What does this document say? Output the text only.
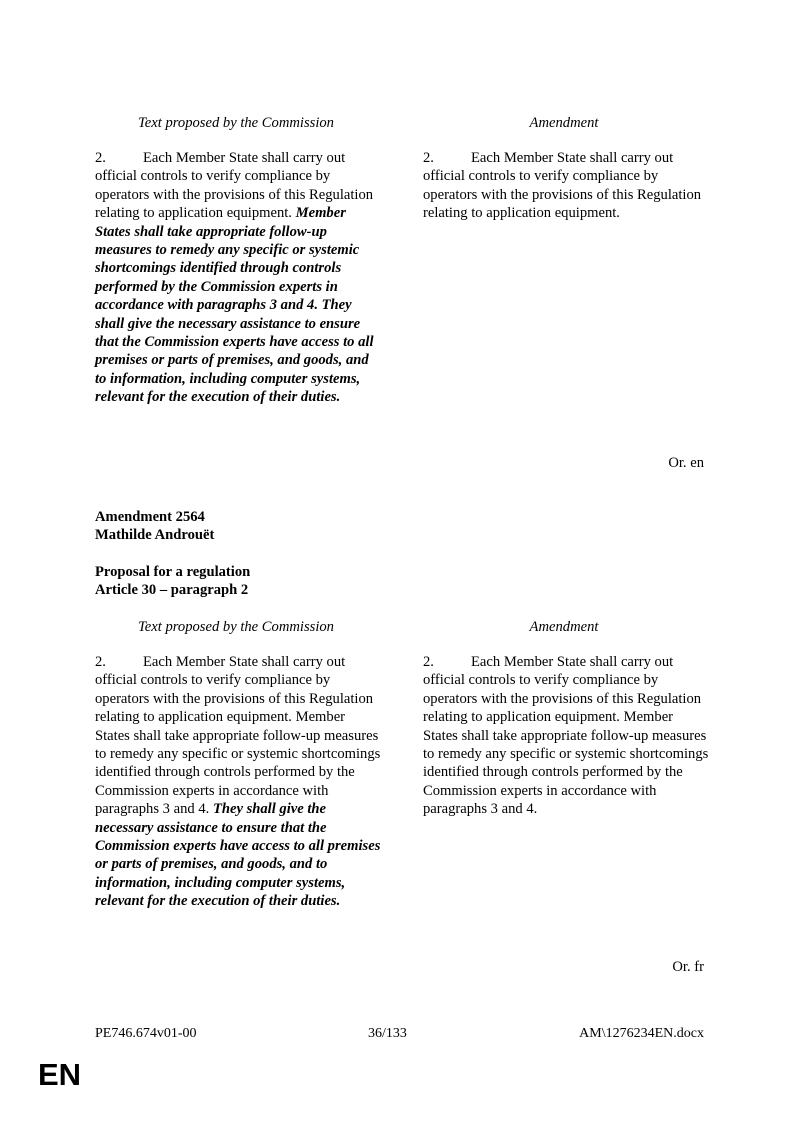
Text proposed by the Commission	Amendment
2.	Each Member State shall carry out official controls to verify compliance by operators with the provisions of this Regulation relating to application equipment. Member States shall take appropriate follow-up measures to remedy any specific or systemic shortcomings identified through controls performed by the Commission experts in accordance with paragraphs 3 and 4. They shall give the necessary assistance to ensure that the Commission experts have access to all premises or parts of premises, and goods, and to information, including computer systems, relevant for the execution of their duties.
2.	Each Member State shall carry out official controls to verify compliance by operators with the provisions of this Regulation relating to application equipment.
Or. en
Amendment 2564
Mathilde Androuët
Proposal for a regulation
Article 30 – paragraph 2
Text proposed by the Commission	Amendment
2.	Each Member State shall carry out official controls to verify compliance by operators with the provisions of this Regulation relating to application equipment. Member States shall take appropriate follow-up measures to remedy any specific or systemic shortcomings identified through controls performed by the Commission experts in accordance with paragraphs 3 and 4. They shall give the necessary assistance to ensure that the Commission experts have access to all premises or parts of premises, and goods, and to information, including computer systems, relevant for the execution of their duties.
2.	Each Member State shall carry out official controls to verify compliance by operators with the provisions of this Regulation relating to application equipment. Member States shall take appropriate follow-up measures to remedy any specific or systemic shortcomings identified through controls performed by the Commission experts in accordance with paragraphs 3 and 4.
Or. fr
PE746.674v01-00	36/133	AM\1276234EN.docx
EN
